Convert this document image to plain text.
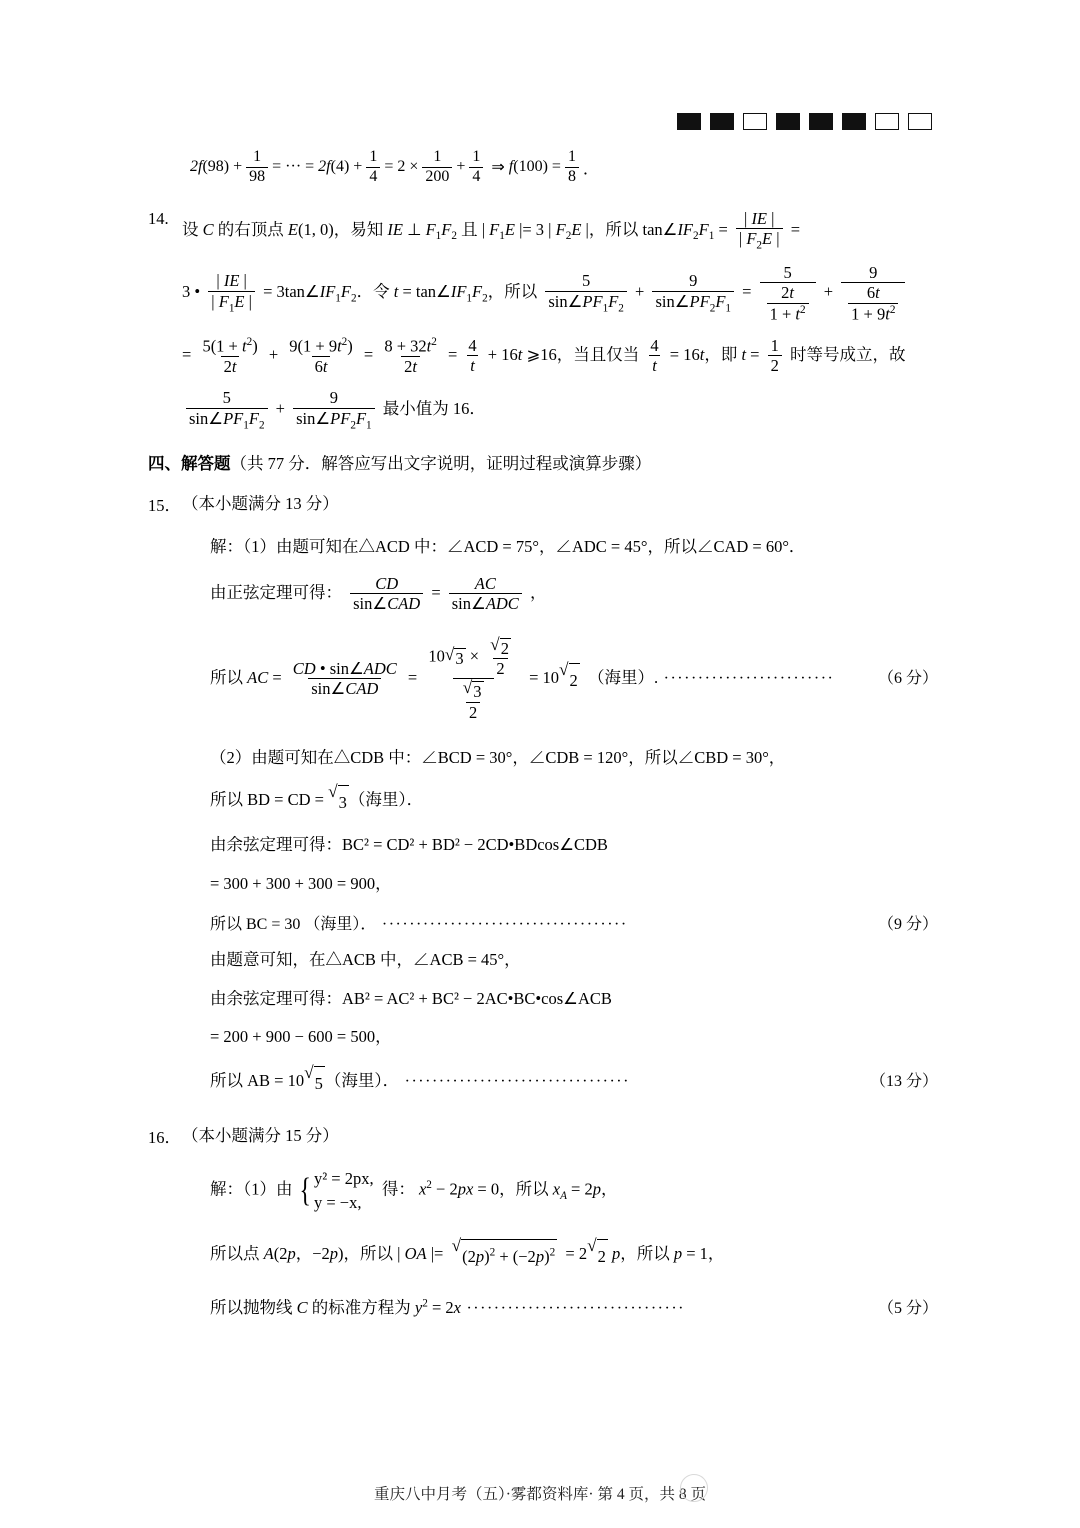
2f $(98) + \frac{1}{98}$ = ··· = 2f $(4) + \frac{1}{4} = 2 \times \frac{1}{200} + \frac{1}{4}$ ⇒ f $(100) = \frac{1}{8}$ ．
14.
设 C 的右顶点 E(1, 0)，易知 IE ⊥ $F_1F_2$ 且 | $F_1E$ |= 3 | $F_2E$ |，所以 $\tan\angle IF_2F_1 = \frac{| IE |}{| F_2E |}$ =
3 • $\frac{| IE |}{| F_1E |}$ = $3\tan\angle IF_1F_2$．令 $t = \tan\angle IF_1F_2$，所以 $\frac{5}{\sin\angle PF_1F_2} + \frac{9}{\sin\angle PF_2F_1} = \frac{5}{\frac{2t}{1 + t^2}} + \frac{9}{\frac{6t}{1 + 9t^2}}$
= $\frac{5(1 + t^2)}{2t} + \frac{9(1 + 9t^2)}{6t} = \frac{8 + 32t^2}{2t} = \frac{4}{t} + 16t$ ⩾16，当且仅当 $\frac{4}{t} = 16t$，即 $t = \frac{1}{2}$ 时等号成立，故
$\frac{5}{\sin\angle PF_1F_2} + \frac{9}{\sin\angle PF_2F_1}$ 最小值为 16．
四、解答题（共 77 分．解答应写出文字说明，证明过程或演算步骤）
15． （本小题满分 13 分）
解：（1）由题可知在△ACD 中：∠ACD = 75°，∠ADC = 45°，所以∠CAD = 60°．
由正弦定理可得： $\frac{CD}{\text{sin∠CAD}} = \frac{AC}{\text{sin∠ADC}}$ ，
所以 AC = $\frac{\text{CD • sin∠ADC}}{\text{sin∠CAD}} = \frac{10 √ 3 \times \frac{√ 2}{2}}{\frac{√ 3}{2}} = 10$ √
2 （海里）. ·························	（6 分）
（2）由题可知在△CDB 中：∠BCD = 30°，∠CDB = 120°，所以∠CBD = 30°，
所以 BD = CD = √
3 （海里）．
由余弦定理可得：BC² = CD² + BD² − 2CD•BDcos∠CDB
= 300 + 300 + 300 = 900，
所以 BC = 30 （海里）． ····································	（9 分）
由题意可知，在△ACB 中，∠ACB = 45°，
由余弦定理可得：AB² = AC² + BC² − 2AC•BC•cos∠ACB
= 200 + 900 − 600 = 500，
所以 AB = 10 √
5 （海里）． ·································	（13 分）
16． （本小题满分 15 分）
解：（1）由 { y² = 2px,
y = −x,
得： $x^2 - 2px = 0$，所以 $x_A = 2p$，
所以点 A(2p，−2p)，所以 | OA |= √
$(2p)^2 + (-2p)^2 = 2$ √
2 p，所以 p = 1，
所以抛物线 C 的标准方程为 $y^2 = 2x$ ································	（5 分）
重庆八中月考（五）·雾都资料库· 第 4 页，共 8 页
